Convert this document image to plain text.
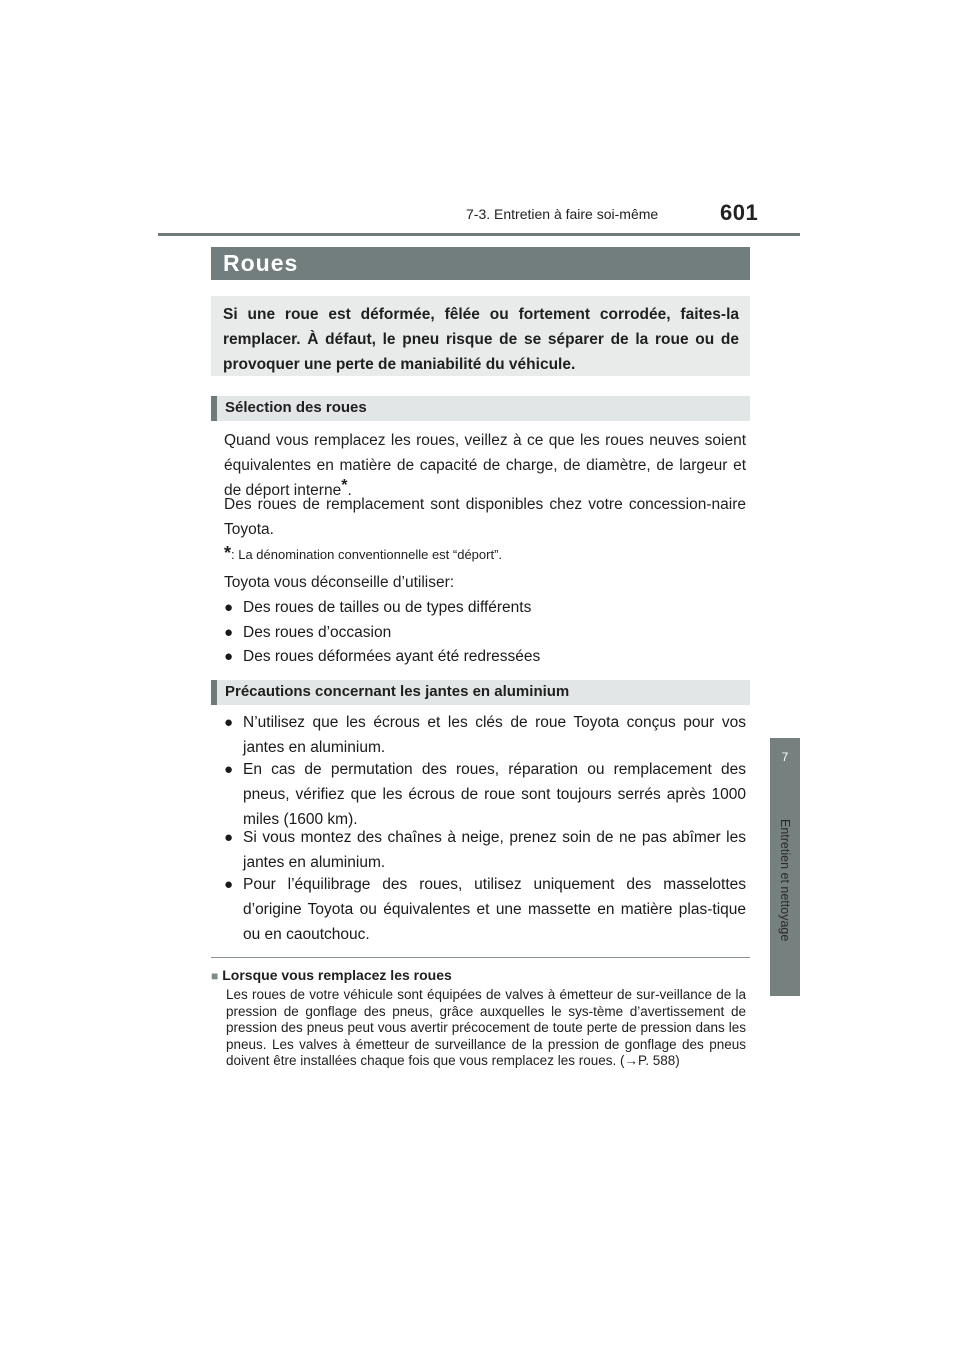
7-3. Entretien à faire soi-même	601
7
Entretien et nettoyage
Roues
Si une roue est déformée, fêlée ou fortement corrodée, faites-la remplacer. À défaut, le pneu risque de se séparer de la roue ou de provoquer une perte de maniabilité du véhicule.
Sélection des roues
Quand vous remplacez les roues, veillez à ce que les roues neuves soient équivalentes en matière de capacité de charge, de diamètre, de largeur et de déport interne*.
Des roues de remplacement sont disponibles chez votre concession-naire Toyota.
*: La dénomination conventionnelle est “déport”.
Toyota vous déconseille d’utiliser:
● Des roues de tailles ou de types différents
● Des roues d’occasion
● Des roues déformées ayant été redressées
Précautions concernant les jantes en aluminium
● N’utilisez que les écrous et les clés de roue Toyota conçus pour vos jantes en aluminium.
● En cas de permutation des roues, réparation ou remplacement des pneus, vérifiez que les écrous de roue sont toujours serrés après 1000 miles (1600 km).
● Si vous montez des chaînes à neige, prenez soin de ne pas abîmer les jantes en aluminium.
● Pour l’équilibrage des roues, utilisez uniquement des masselottes d’origine Toyota ou équivalentes et une massette en matière plas-tique ou en caoutchouc.
■ Lorsque vous remplacez les roues
Les roues de votre véhicule sont équipées de valves à émetteur de sur-veillance de la pression de gonflage des pneus, grâce auxquelles le sys-tème d’avertissement de pression des pneus peut vous avertir précocement de toute perte de pression dans les pneus. Les valves à émetteur de surveillance de la pression de gonflage des pneus doivent être installées chaque fois que vous remplacez les roues. (→P. 588)
